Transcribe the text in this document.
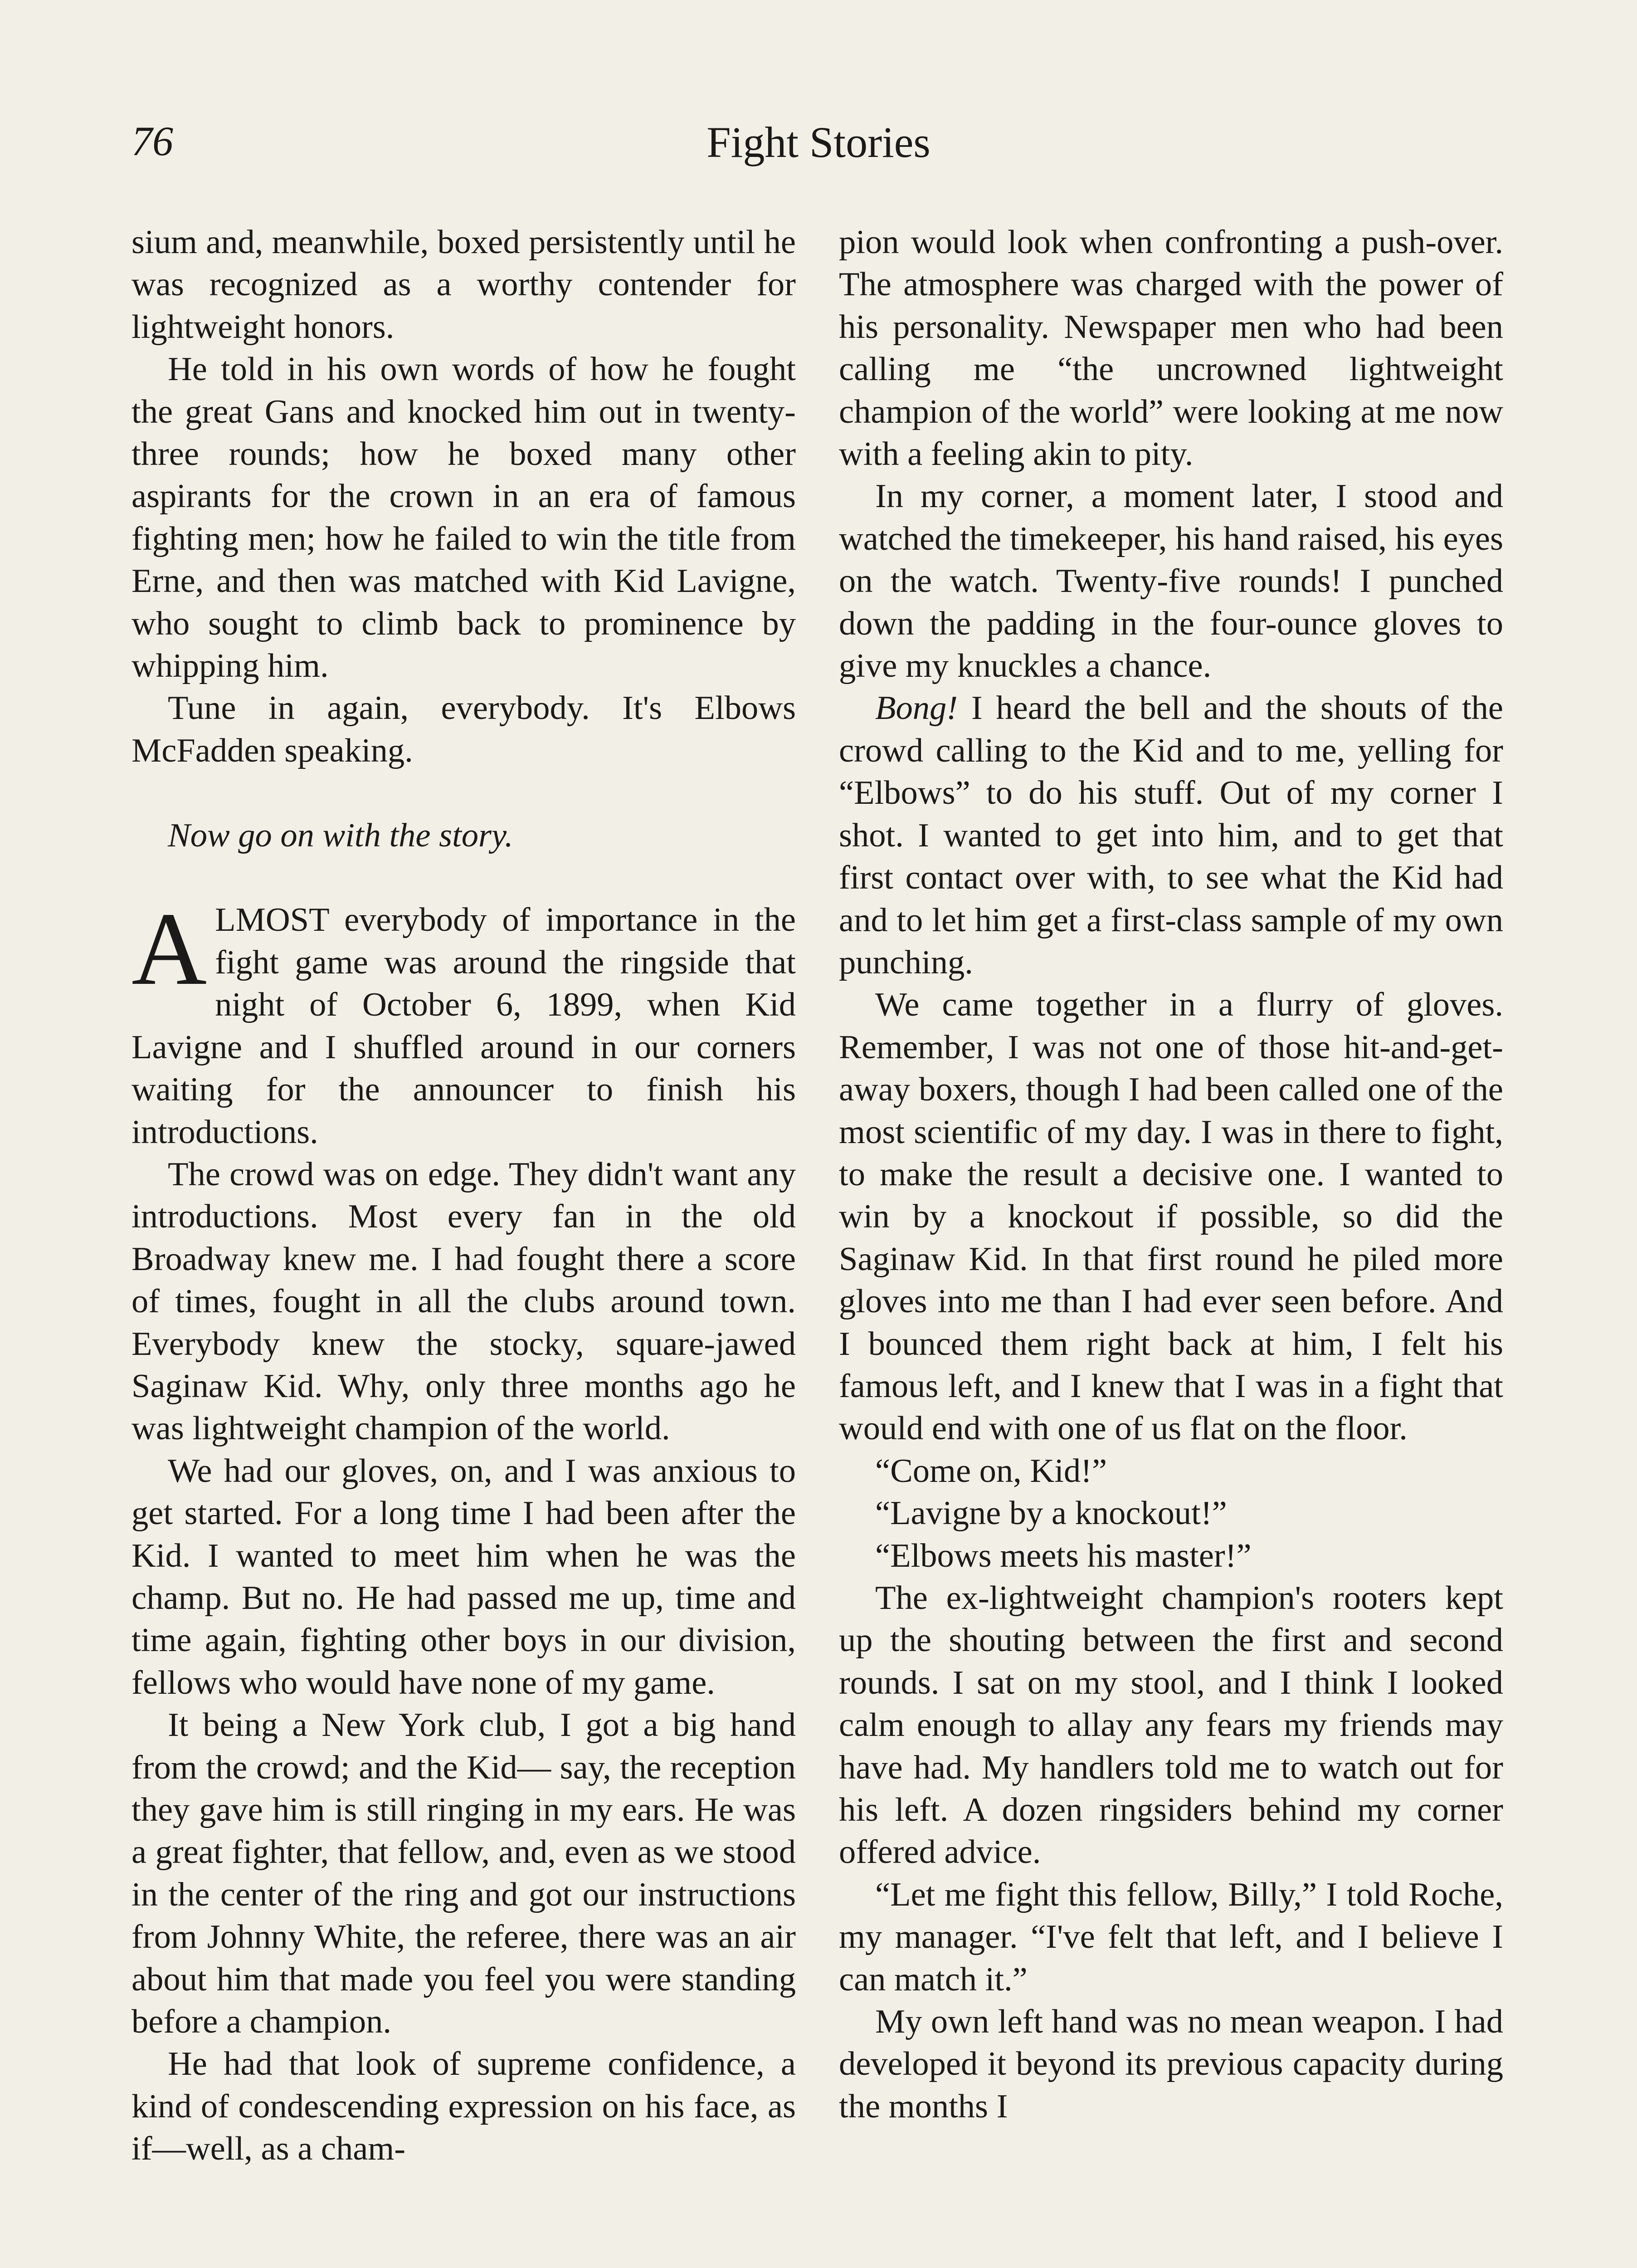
76	Fight Stories

sium and, meanwhile, boxed persistently until he was recognized as a worthy contender for lightweight honors.

He told in his own words of how he fought the great Gans and knocked him out in twenty-three rounds; how he boxed many other aspirants for the crown in an era of famous fighting men; how he failed to win the title from Erne, and then was matched with Kid Lavigne, who sought to climb back to prominence by whipping him.

Tune in again, everybody. It's Elbows McFadden speaking.

Now go on with the story.

ALMOST everybody of importance in the fight game was around the ringside that night of October 6, 1899, when Kid Lavigne and I shuffled around in our corners waiting for the announcer to finish his introductions.

The crowd was on edge. They didn't want any introductions. Most every fan in the old Broadway knew me. I had fought there a score of times, fought in all the clubs around town. Everybody knew the stocky, square-jawed Saginaw Kid. Why, only three months ago he was lightweight champion of the world.

We had our gloves, on, and I was anxious to get started. For a long time I had been after the Kid. I wanted to meet him when he was the champ. But no. He had passed me up, time and time again, fighting other boys in our division, fellows who would have none of my game.

It being a New York club, I got a big hand from the crowd; and the Kid— say, the reception they gave him is still ringing in my ears. He was a great fighter, that fellow, and, even as we stood in the center of the ring and got our instructions from Johnny White, the referee, there was an air about him that made you feel you were standing before a champion.

He had that look of supreme confidence, a kind of condescending expression on his face, as if—well, as a cham-

pion would look when confronting a push-over. The atmosphere was charged with the power of his personality. Newspaper men who had been calling me “the uncrowned lightweight champion of the world” were looking at me now with a feeling akin to pity.

In my corner, a moment later, I stood and watched the timekeeper, his hand raised, his eyes on the watch. Twenty-five rounds! I punched down the padding in the four-ounce gloves to give my knuckles a chance.

Bong! I heard the bell and the shouts of the crowd calling to the Kid and to me, yelling for “Elbows” to do his stuff. Out of my corner I shot. I wanted to get into him, and to get that first contact over with, to see what the Kid had and to let him get a first-class sample of my own punching.

We came together in a flurry of gloves. Remember, I was not one of those hit-and-get-away boxers, though I had been called one of the most scientific of my day. I was in there to fight, to make the result a decisive one. I wanted to win by a knockout if possible, so did the Saginaw Kid. In that first round he piled more gloves into me than I had ever seen before. And I bounced them right back at him, I felt his famous left, and I knew that I was in a fight that would end with one of us flat on the floor.

“Come on, Kid!”

“Lavigne by a knockout!”

“Elbows meets his master!”

The ex-lightweight champion's rooters kept up the shouting between the first and second rounds. I sat on my stool, and I think I looked calm enough to allay any fears my friends may have had. My handlers told me to watch out for his left. A dozen ringsiders behind my corner offered advice.

“Let me fight this fellow, Billy,” I told Roche, my manager. “I've felt that left, and I believe I can match it.”

My own left hand was no mean weapon. I had developed it beyond its previous capacity during the months I
